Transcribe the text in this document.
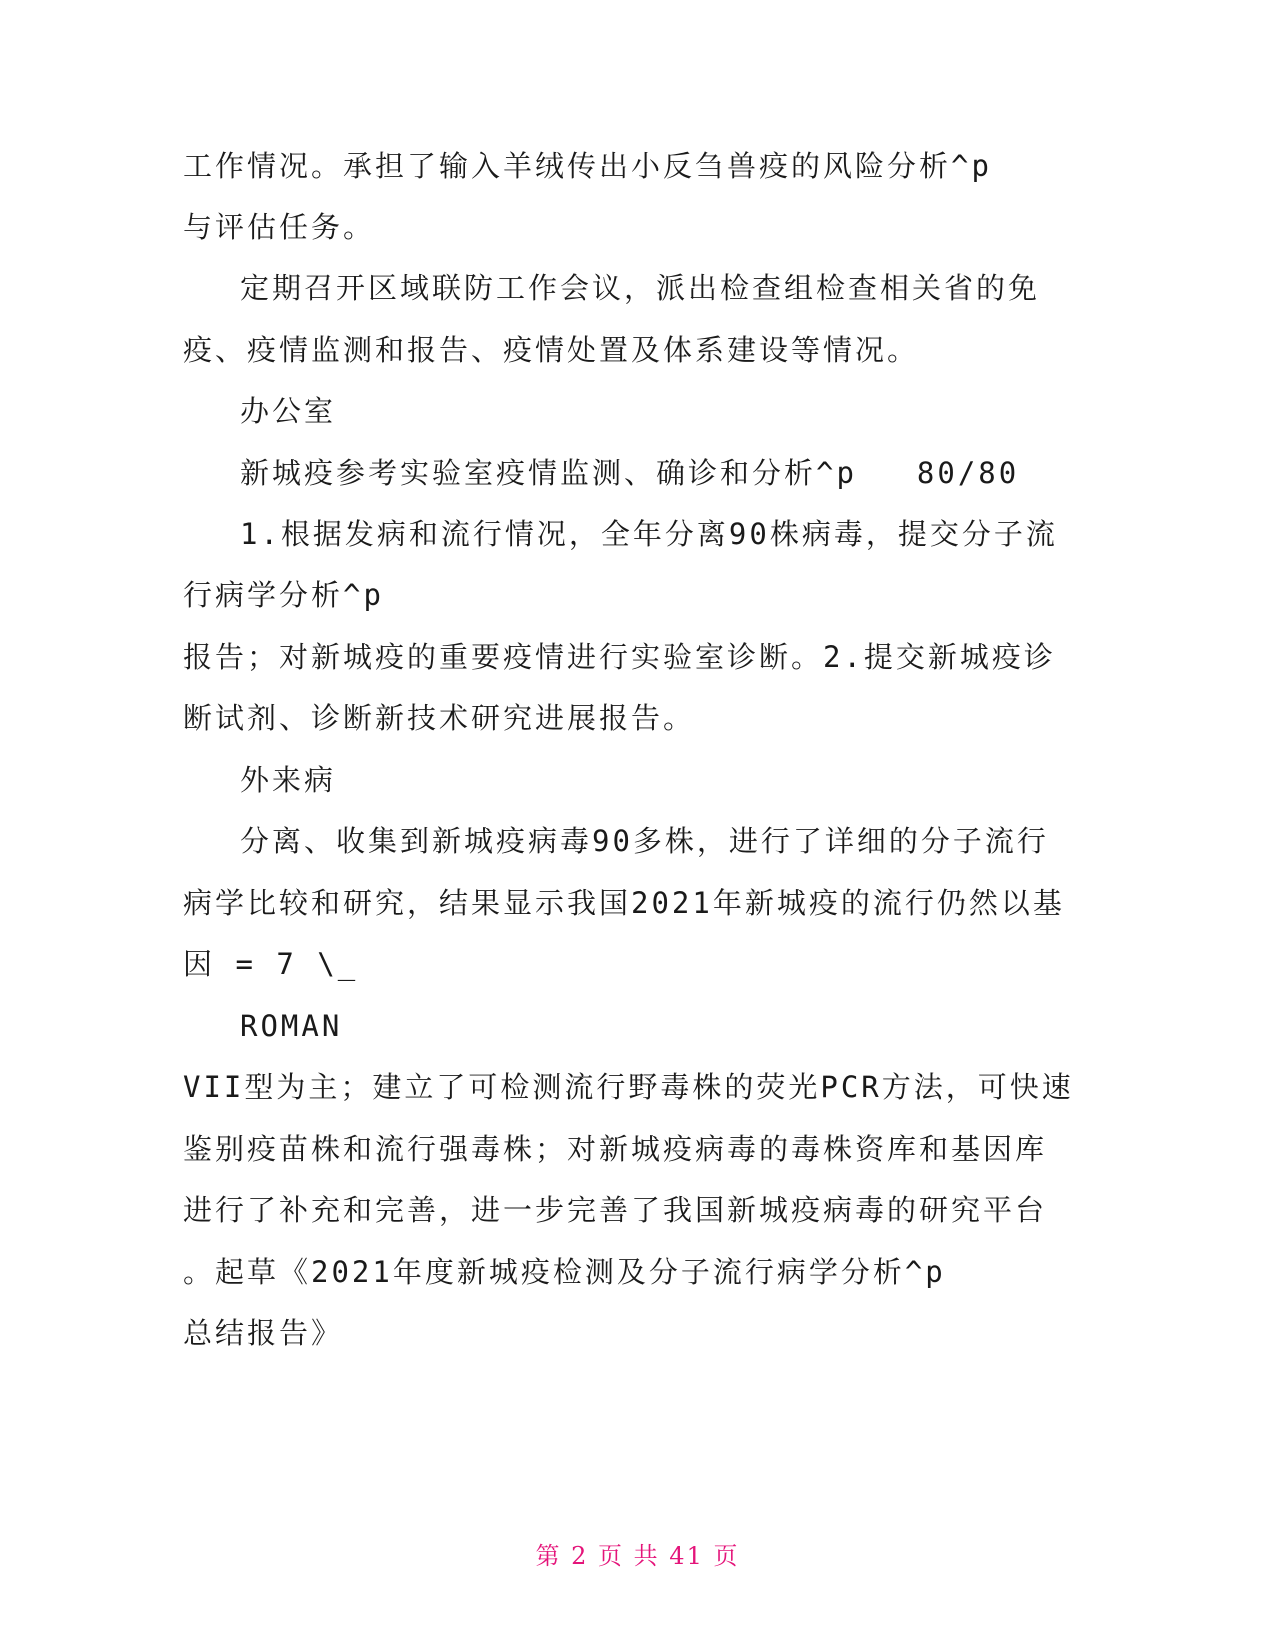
工作情况。承担了输入羊绒传出小反刍兽疫的风险分析^p
与评估任务。
定期召开区域联防工作会议，派出检查组检查相关省的免
疫、疫情监测和报告、疫情处置及体系建设等情况。
办公室
新城疫参考实验室疫情监测、确诊和分析^p 80/80
1.根据发病和流行情况，全年分离90株病毒，提交分子流
行病学分析^p
报告；对新城疫的重要疫情进行实验室诊断。2.提交新城疫诊
断试剂、诊断新技术研究进展报告。
外来病
分离、收集到新城疫病毒90多株，进行了详细的分子流行
病学比较和研究，结果显示我国2021年新城疫的流行仍然以基
因 = 7 \_
ROMAN
VII型为主；建立了可检测流行野毒株的荧光PCR方法，可快速
鉴别疫苗株和流行强毒株；对新城疫病毒的毒株资库和基因库
进行了补充和完善，进一步完善了我国新城疫病毒的研究平台
。起草《2021年度新城疫检测及分子流行病学分析^p
总结报告》
第 2 页 共 41 页
